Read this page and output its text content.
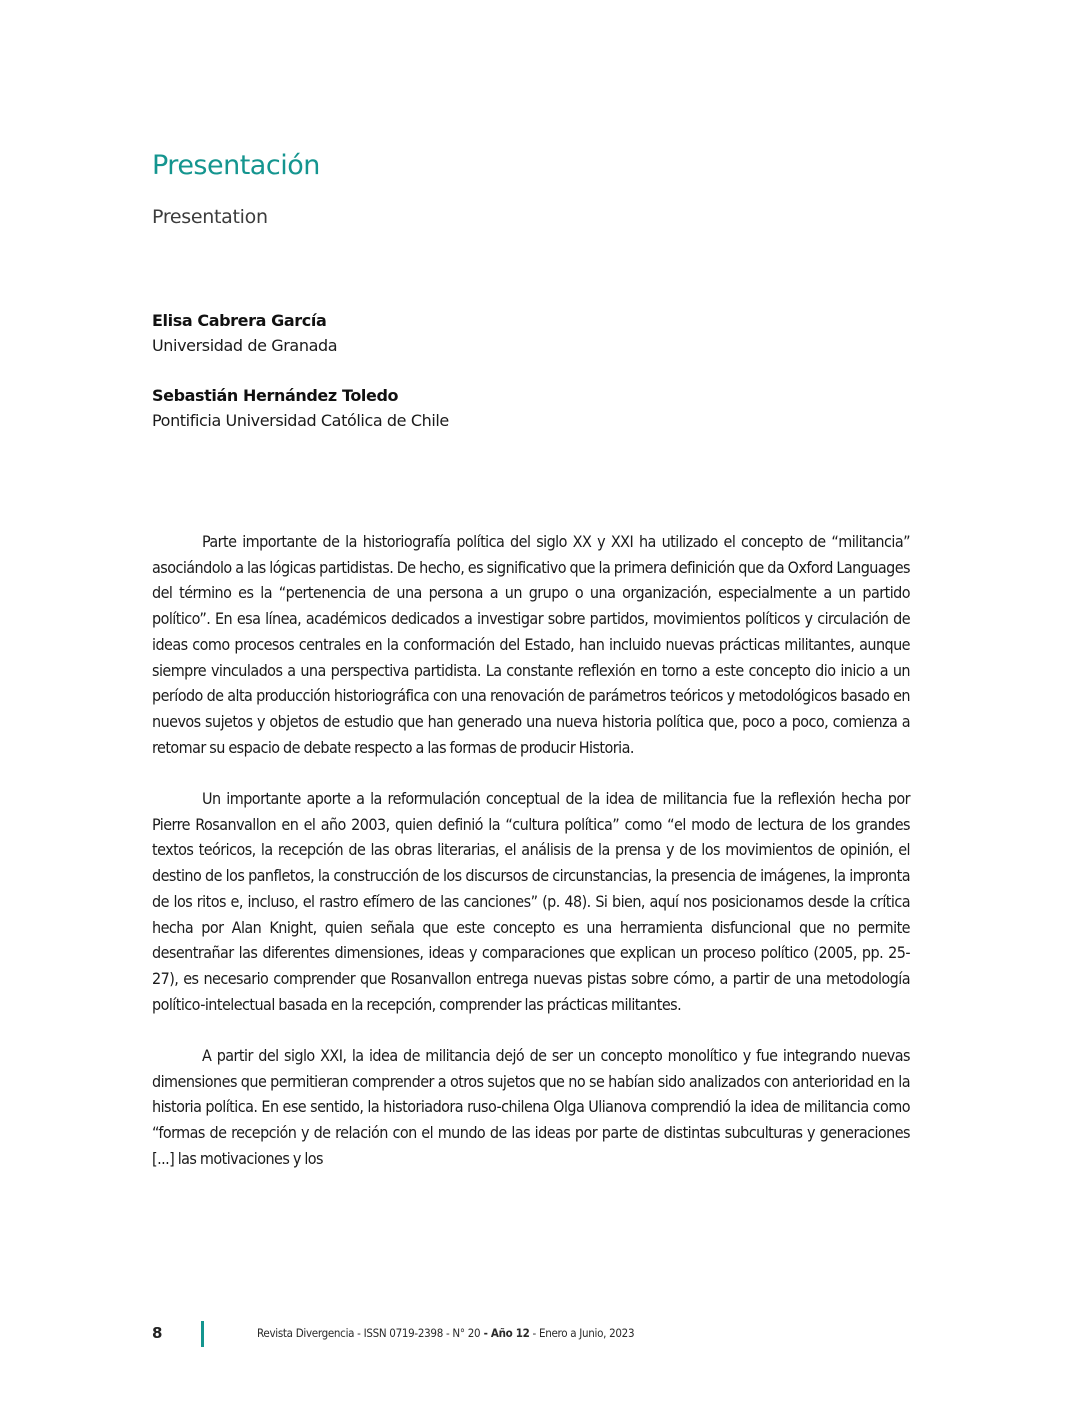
Presentación
Presentation
Elisa Cabrera García
Universidad de Granada
Sebastián Hernández Toledo
Pontificia Universidad Católica de Chile

Parte importante de la historiografía política del siglo XX y XXI ha utilizado el concepto de “militancia” asociándolo a las lógicas partidistas. De hecho, es significativo que la primera definición que da Oxford Languages del término es la “pertenencia de una persona a un grupo o una organización, especialmente a un partido político”. En esa línea, académicos dedicados a investigar sobre partidos, movimientos políticos y circulación de ideas como procesos centrales en la conformación del Estado, han incluido nuevas prácticas militantes, aunque siempre vinculados a una perspectiva partidista. La constante reflexión en torno a este concepto dio inicio a un período de alta producción historiográfica con una renovación de parámetros teóricos y metodológicos basado en nuevos sujetos y objetos de estudio que han generado una nueva historia política que, poco a poco, comienza a retomar su espacio de debate respecto a las formas de producir Historia.

Un importante aporte a la reformulación conceptual de la idea de militancia fue la reflexión hecha por Pierre Rosanvallon en el año 2003, quien definió la “cultura política” como “el modo de lectura de los grandes textos teóricos, la recepción de las obras literarias, el análisis de la prensa y de los movimientos de opinión, el destino de los panfletos, la construcción de los discursos de circunstancias, la presencia de imágenes, la impronta de los ritos e, incluso, el rastro efímero de las canciones” (p. 48). Si bien, aquí nos posicionamos desde la crítica hecha por Alan Knight, quien señala que este concepto es una herramienta disfuncional que no permite desentrañar las diferentes dimensiones, ideas y comparaciones que explican un proceso político (2005, pp. 25-27), es necesario comprender que Rosanvallon entrega nuevas pistas sobre cómo, a partir de una metodología político-intelectual basada en la recepción, comprender las prácticas militantes.

A partir del siglo XXI, la idea de militancia dejó de ser un concepto monolítico y fue integrando nuevas dimensiones que permitieran comprender a otros sujetos que no se habían sido analizados con anterioridad en la historia política. En ese sentido, la historiadora ruso-chilena Olga Ulianova comprendió la idea de militancia como “formas de recepción y de relación con el mundo de las ideas por parte de distintas subculturas y generaciones [...] las motivaciones y los

8	Revista Divergencia - ISSN 0719-2398 - N° 20 - Año 12 - Enero a Junio, 2023
